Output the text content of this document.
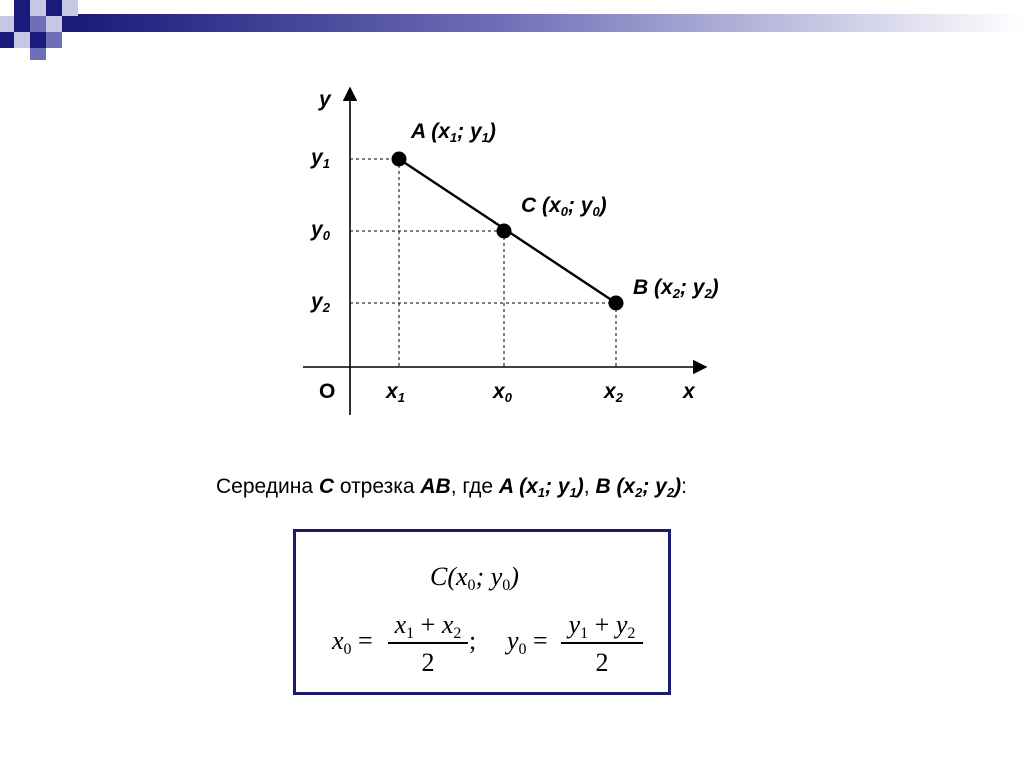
y
x
O
$y_1$
$y_0$
$y_2$
$x_1$	$x_0$	$x_2$
A ($x_1$; $y_1$)
C ($x_0$; $y_0$)
B ($x_2$; $y_2$)
Середина C отрезка AB, где A ($x_1$; $y_1$), B ($x_2$; $y_2$):
$C(x_0$; $y_0$)
$x_0$ =
$x_1 + x_2$
2
; $y_0$ =
$y_1 + y_2$
2
